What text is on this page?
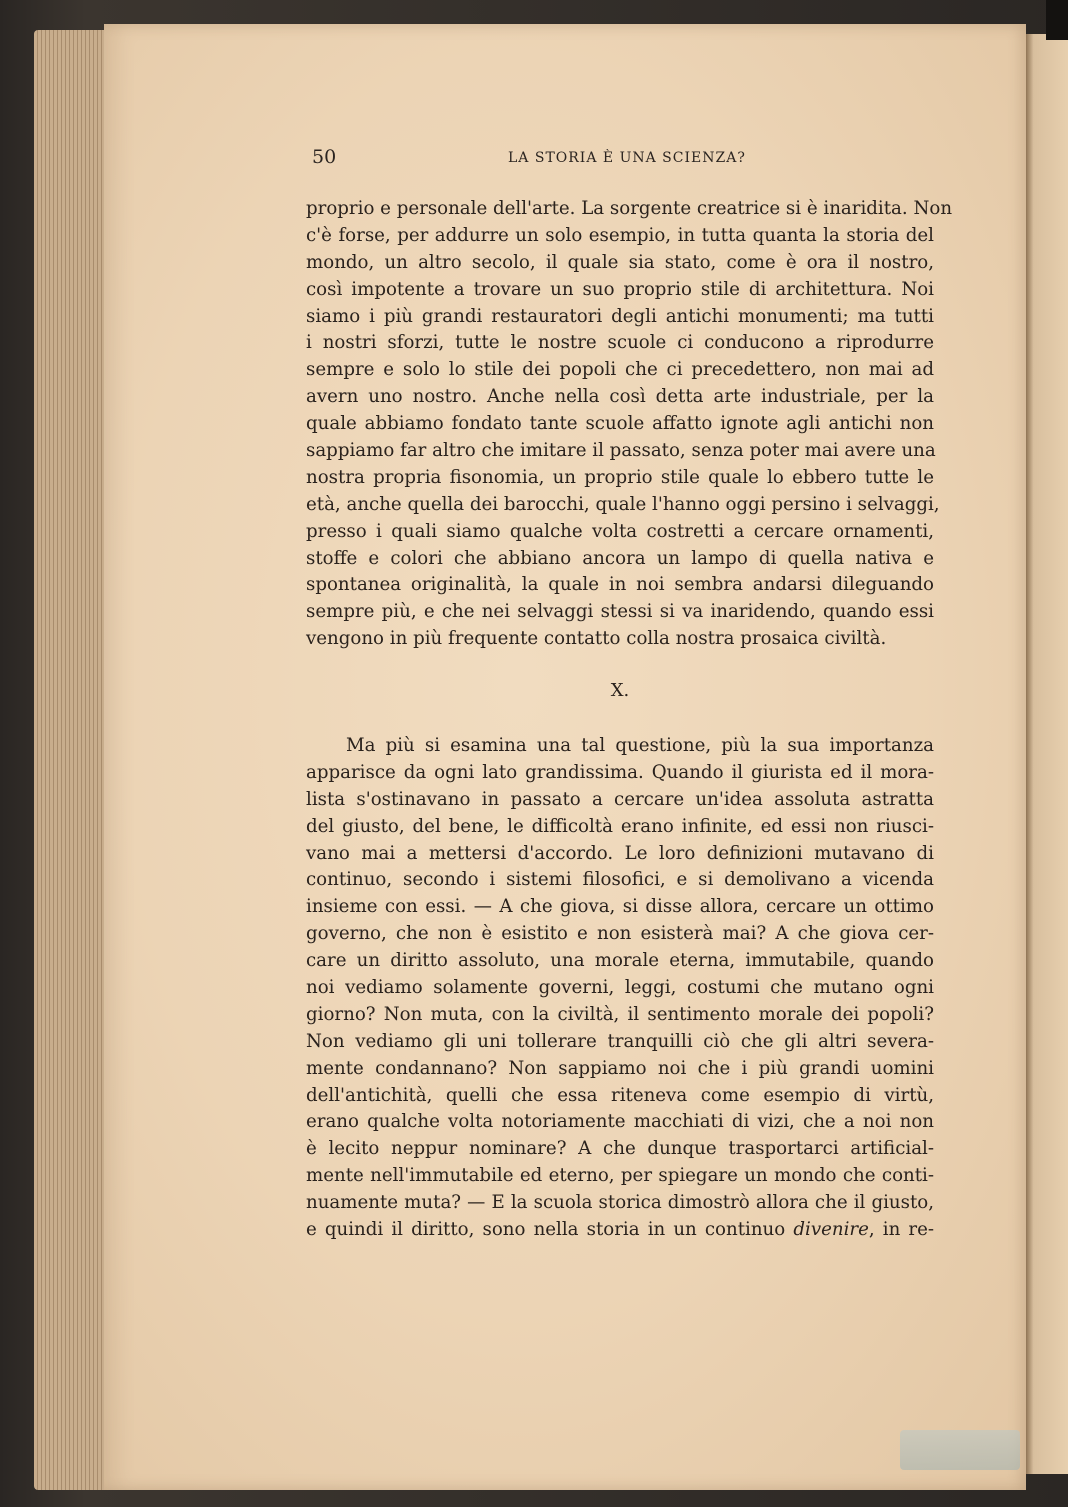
50	LA STORIA È UNA SCIENZA?
proprio e personale dell'arte. La sorgente creatrice si è inaridita. Non
c'è forse, per addurre un solo esempio, in tutta quanta la storia del
mondo, un altro secolo, il quale sia stato, come è ora il nostro,
così impotente a trovare un suo proprio stile di architettura. Noi
siamo i più grandi restauratori degli antichi monumenti; ma tutti
i nostri sforzi, tutte le nostre scuole ci conducono a riprodurre
sempre e solo lo stile dei popoli che ci precedettero, non mai ad
avern uno nostro. Anche nella così detta arte industriale, per la
quale abbiamo fondato tante scuole affatto ignote agli antichi non
sappiamo far altro che imitare il passato, senza poter mai avere una
nostra propria fisonomia, un proprio stile quale lo ebbero tutte le
età, anche quella dei barocchi, quale l'hanno oggi persino i selvaggi,
presso i quali siamo qualche volta costretti a cercare ornamenti,
stoffe e colori che abbiano ancora un lampo di quella nativa e
spontanea originalità, la quale in noi sembra andarsi dileguando
sempre più, e che nei selvaggi stessi si va inaridendo, quando essi
vengono in più frequente contatto colla nostra prosaica civiltà.
X.
Ma più si esamina una tal questione, più la sua importanza
apparisce da ogni lato grandissima. Quando il giurista ed il mora-
lista s'ostinavano in passato a cercare un'idea assoluta astratta
del giusto, del bene, le difficoltà erano infinite, ed essi non riusci-
vano mai a mettersi d'accordo. Le loro definizioni mutavano di
continuo, secondo i sistemi filosofici, e si demolivano a vicenda
insieme con essi. — A che giova, si disse allora, cercare un ottimo
governo, che non è esistito e non esisterà mai? A che giova cer-
care un diritto assoluto, una morale eterna, immutabile, quando
noi vediamo solamente governi, leggi, costumi che mutano ogni
giorno? Non muta, con la civiltà, il sentimento morale dei popoli?
Non vediamo gli uni tollerare tranquilli ciò che gli altri severa-
mente condannano? Non sappiamo noi che i più grandi uomini
dell'antichità, quelli che essa riteneva come esempio di virtù,
erano qualche volta notoriamente macchiati di vizi, che a noi non
è lecito neppur nominare? A che dunque trasportarci artificial-
mente nell'immutabile ed eterno, per spiegare un mondo che conti-
nuamente muta? — E la scuola storica dimostrò allora che il giusto,
e quindi il diritto, sono nella storia in un continuo divenire, in re-
